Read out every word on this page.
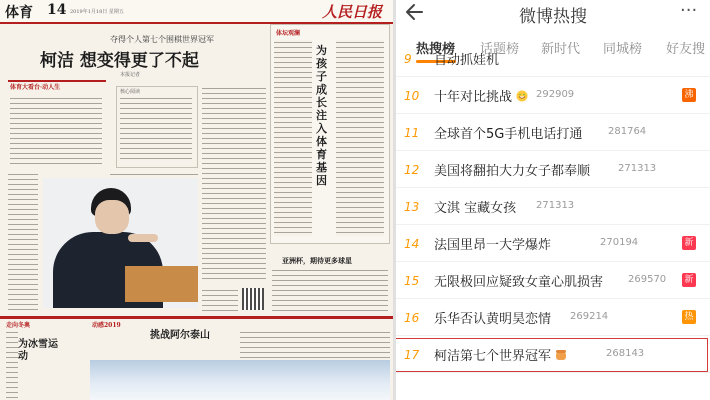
体育 14 2019年1月18日 星期五	人民日报
夺得个人第七个围棋世界冠军
柯洁 想变得更了不起
本报记者
体育大看台·动人生
核心阅读
体坛观澜
为孩子成长注入体育基因
亚洲杯，期待更多球星
走向冬奥
为冰雪运动
动感2019
挑战阿尔泰山
微博热搜	···
热搜榜 话题榜 新时代 同城榜 好友搜
9	自动抓娃机
10	十年对比挑战	292909	沸
11	全球首个5G手机电话打通	281764
12	美国将翻拍大力女子都奉顺	271313
13	文淇 宝藏女孩 271313
14	法国里昂一大学爆炸	270194	新
15	无限极回应疑致女童心肌损害 269570 新
16	乐华否认黄明昊恋情 269214	热
17	柯洁第七个世界冠军	268143
